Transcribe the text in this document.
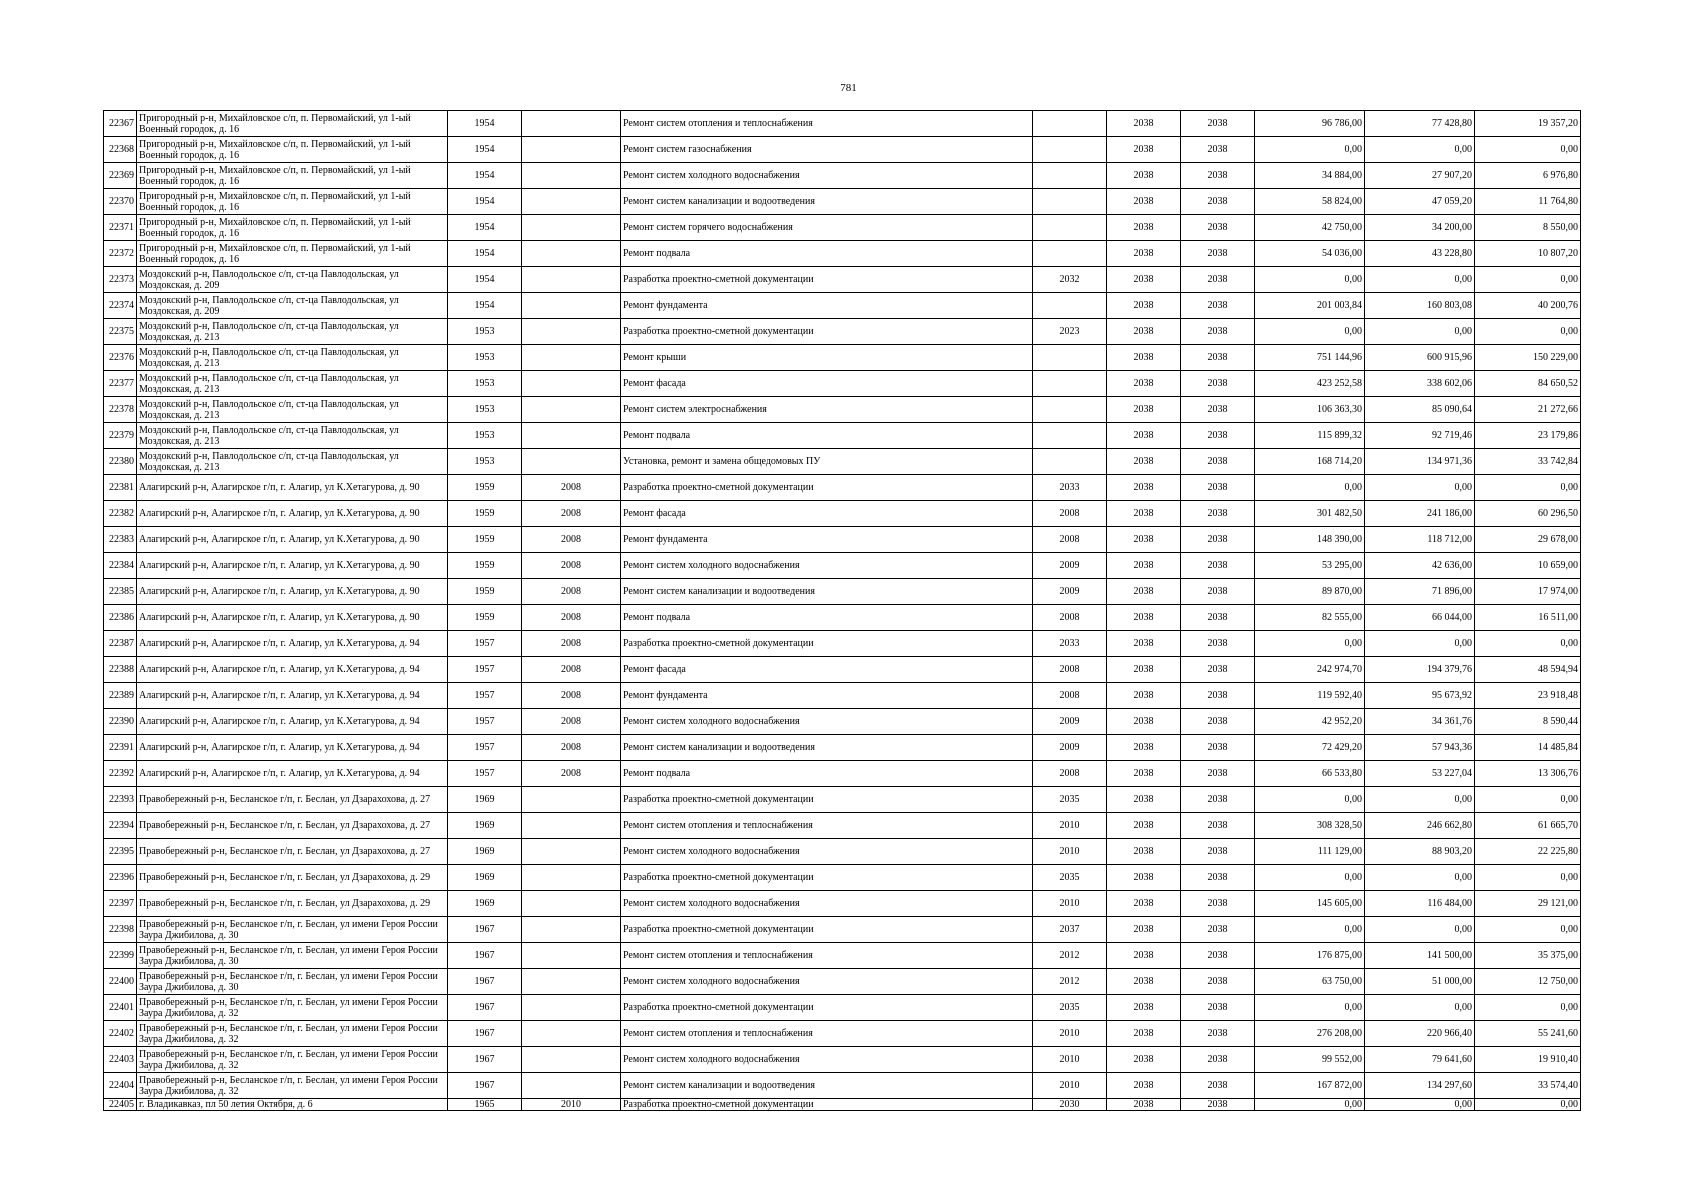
781
22367	Пригородный р-н, Михайловское с/п, п. Первомайский, ул 1-ый Военный городок, д. 16	1954		Ремонт систем отопления и теплоснабжения		2038	2038	96 786,00	77 428,80	19 357,20
22368	Пригородный р-н, Михайловское с/п, п. Первомайский, ул 1-ый Военный городок, д. 16	1954		Ремонт систем газоснабжения		2038	2038	0,00	0,00	0,00
22369	Пригородный р-н, Михайловское с/п, п. Первомайский, ул 1-ый Военный городок, д. 16	1954		Ремонт систем холодного водоснабжения		2038	2038	34 884,00	27 907,20	6 976,80
22370	Пригородный р-н, Михайловское с/п, п. Первомайский, ул 1-ый Военный городок, д. 16	1954		Ремонт систем канализации и водоотведения		2038	2038	58 824,00	47 059,20	11 764,80
22371	Пригородный р-н, Михайловское с/п, п. Первомайский, ул 1-ый Военный городок, д. 16	1954		Ремонт систем горячего водоснабжения		2038	2038	42 750,00	34 200,00	8 550,00
22372	Пригородный р-н, Михайловское с/п, п. Первомайский, ул 1-ый Военный городок, д. 16	1954		Ремонт подвала		2038	2038	54 036,00	43 228,80	10 807,20
22373	Моздокский р-н, Павлодольское с/п, ст-ца Павлодольская, ул Моздокская, д. 209	1954		Разработка проектно-сметной документации	2032	2038	2038	0,00	0,00	0,00
22374	Моздокский р-н, Павлодольское с/п, ст-ца Павлодольская, ул Моздокская, д. 209	1954		Ремонт фундамента		2038	2038	201 003,84	160 803,08	40 200,76
22375	Моздокский р-н, Павлодольское с/п, ст-ца Павлодольская, ул Моздокская, д. 213	1953		Разработка проектно-сметной документации	2023	2038	2038	0,00	0,00	0,00
22376	Моздокский р-н, Павлодольское с/п, ст-ца Павлодольская, ул Моздокская, д. 213	1953		Ремонт крыши		2038	2038	751 144,96	600 915,96	150 229,00
22377	Моздокский р-н, Павлодольское с/п, ст-ца Павлодольская, ул Моздокская, д. 213	1953		Ремонт фасада		2038	2038	423 252,58	338 602,06	84 650,52
22378	Моздокский р-н, Павлодольское с/п, ст-ца Павлодольская, ул Моздокская, д. 213	1953		Ремонт систем электроснабжения		2038	2038	106 363,30	85 090,64	21 272,66
22379	Моздокский р-н, Павлодольское с/п, ст-ца Павлодольская, ул Моздокская, д. 213	1953		Ремонт подвала		2038	2038	115 899,32	92 719,46	23 179,86
22380	Моздокский р-н, Павлодольское с/п, ст-ца Павлодольская, ул Моздокская, д. 213	1953		Установка, ремонт и замена общедомовых ПУ		2038	2038	168 714,20	134 971,36	33 742,84
22381	Алагирский р-н, Алагирское г/п, г. Алагир, ул К.Хетагурова, д. 90	1959	2008	Разработка проектно-сметной документации	2033	2038	2038	0,00	0,00	0,00
22382	Алагирский р-н, Алагирское г/п, г. Алагир, ул К.Хетагурова, д. 90	1959	2008	Ремонт фасада	2008	2038	2038	301 482,50	241 186,00	60 296,50
22383	Алагирский р-н, Алагирское г/п, г. Алагир, ул К.Хетагурова, д. 90	1959	2008	Ремонт фундамента	2008	2038	2038	148 390,00	118 712,00	29 678,00
22384	Алагирский р-н, Алагирское г/п, г. Алагир, ул К.Хетагурова, д. 90	1959	2008	Ремонт систем холодного водоснабжения	2009	2038	2038	53 295,00	42 636,00	10 659,00
22385	Алагирский р-н, Алагирское г/п, г. Алагир, ул К.Хетагурова, д. 90	1959	2008	Ремонт систем канализации и водоотведения	2009	2038	2038	89 870,00	71 896,00	17 974,00
22386	Алагирский р-н, Алагирское г/п, г. Алагир, ул К.Хетагурова, д. 90	1959	2008	Ремонт подвала	2008	2038	2038	82 555,00	66 044,00	16 511,00
22387	Алагирский р-н, Алагирское г/п, г. Алагир, ул К.Хетагурова, д. 94	1957	2008	Разработка проектно-сметной документации	2033	2038	2038	0,00	0,00	0,00
22388	Алагирский р-н, Алагирское г/п, г. Алагир, ул К.Хетагурова, д. 94	1957	2008	Ремонт фасада	2008	2038	2038	242 974,70	194 379,76	48 594,94
22389	Алагирский р-н, Алагирское г/п, г. Алагир, ул К.Хетагурова, д. 94	1957	2008	Ремонт фундамента	2008	2038	2038	119 592,40	95 673,92	23 918,48
22390	Алагирский р-н, Алагирское г/п, г. Алагир, ул К.Хетагурова, д. 94	1957	2008	Ремонт систем холодного водоснабжения	2009	2038	2038	42 952,20	34 361,76	8 590,44
22391	Алагирский р-н, Алагирское г/п, г. Алагир, ул К.Хетагурова, д. 94	1957	2008	Ремонт систем канализации и водоотведения	2009	2038	2038	72 429,20	57 943,36	14 485,84
22392	Алагирский р-н, Алагирское г/п, г. Алагир, ул К.Хетагурова, д. 94	1957	2008	Ремонт подвала	2008	2038	2038	66 533,80	53 227,04	13 306,76
22393	Правобережный р-н, Бесланское г/п, г. Беслан, ул Дзарахохова, д. 27	1969		Разработка проектно-сметной документации	2035	2038	2038	0,00	0,00	0,00
22394	Правобережный р-н, Бесланское г/п, г. Беслан, ул Дзарахохова, д. 27	1969		Ремонт систем отопления и теплоснабжения	2010	2038	2038	308 328,50	246 662,80	61 665,70
22395	Правобережный р-н, Бесланское г/п, г. Беслан, ул Дзарахохова, д. 27	1969		Ремонт систем холодного водоснабжения	2010	2038	2038	111 129,00	88 903,20	22 225,80
22396	Правобережный р-н, Бесланское г/п, г. Беслан, ул Дзарахохова, д. 29	1969		Разработка проектно-сметной документации	2035	2038	2038	0,00	0,00	0,00
22397	Правобережный р-н, Бесланское г/п, г. Беслан, ул Дзарахохова, д. 29	1969		Ремонт систем холодного водоснабжения	2010	2038	2038	145 605,00	116 484,00	29 121,00
22398	Правобережный р-н, Бесланское г/п, г. Беслан, ул имени Героя России Заура Джибилова, д. 30	1967		Разработка проектно-сметной документации	2037	2038	2038	0,00	0,00	0,00
22399	Правобережный р-н, Бесланское г/п, г. Беслан, ул имени Героя России Заура Джибилова, д. 30	1967		Ремонт систем отопления и теплоснабжения	2012	2038	2038	176 875,00	141 500,00	35 375,00
22400	Правобережный р-н, Бесланское г/п, г. Беслан, ул имени Героя России Заура Джибилова, д. 30	1967		Ремонт систем холодного водоснабжения	2012	2038	2038	63 750,00	51 000,00	12 750,00
22401	Правобережный р-н, Бесланское г/п, г. Беслан, ул имени Героя России Заура Джибилова, д. 32	1967		Разработка проектно-сметной документации	2035	2038	2038	0,00	0,00	0,00
22402	Правобережный р-н, Бесланское г/п, г. Беслан, ул имени Героя России Заура Джибилова, д. 32	1967		Ремонт систем отопления и теплоснабжения	2010	2038	2038	276 208,00	220 966,40	55 241,60
22403	Правобережный р-н, Бесланское г/п, г. Беслан, ул имени Героя России Заура Джибилова, д. 32	1967		Ремонт систем холодного водоснабжения	2010	2038	2038	99 552,00	79 641,60	19 910,40
22404	Правобережный р-н, Бесланское г/п, г. Беслан, ул имени Героя России Заура Джибилова, д. 32	1967		Ремонт систем канализации и водоотведения	2010	2038	2038	167 872,00	134 297,60	33 574,40
22405	г. Владикавказ, пл 50 летия Октября, д. 6	1965	2010	Разработка проектно-сметной документации	2030	2038	2038	0,00	0,00	0,00
